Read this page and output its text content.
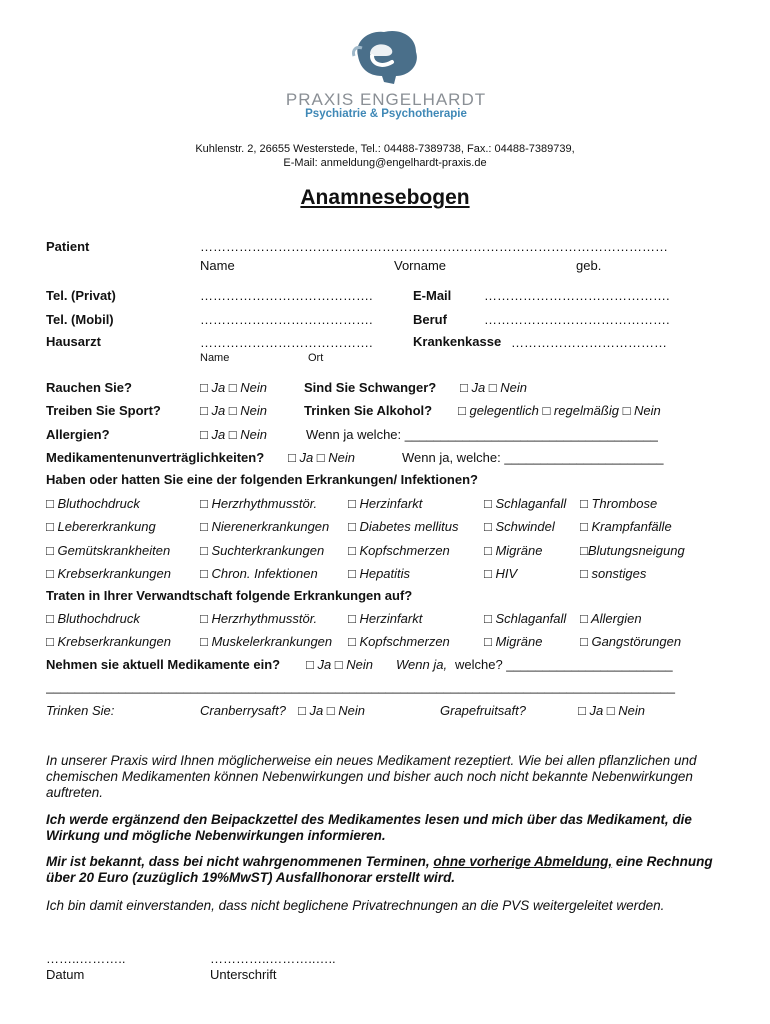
PRAXIS ENGELHARDT
Psychiatrie & Psychotherapie
Kuhlenstr. 2, 26655 Westerstede, Tel.: 04488-7389738, Fax.: 04488-7389739,
E-Mail: anmeldung@engelhardt-praxis.de
Anamnesebogen
Patient	………………………………………………………………………………………………
Name	Vorname	geb.
Tel. (Privat)	………………………………….	E-Mail	…………………………………….
Tel. (Mobil)	………………………………….	Beruf	…………………………………….
Hausarzt	………………………………….	Krankenkasse ………………………………
Name	Ort
Rauchen Sie?	□ Ja □ Nein	Sind Sie Schwanger? □ Ja □ Nein
Treiben Sie Sport?	□ Ja □ Nein	Trinken Sie Alkohol? □ gelegentlich □ regelmäßig □ Nein
Allergien?	□ Ja □ Nein	Wenn ja welche: ___________________________________
Medikamentenunverträglichkeiten? □ Ja □ Nein	Wenn ja, welche: ______________________
Haben oder hatten Sie eine der folgenden Erkrankungen/ Infektionen?
□ Bluthochdruck	□ Herzrhythmusstör. □ Herzinfarkt	□ Schlaganfall □ Thrombose
□ Lebererkrankung	□ Nierenerkrankungen □ Diabetes mellitus □ Schwindel □ Krampfanfälle
□ Gemütskrankheiten □ Suchterkrankungen □ Kopfschmerzen	□ Migräne	□Blutungsneigung
□ Krebserkrankungen □ Chron. Infektionen □ Hepatitis	□ HIV	□ sonstiges
Traten in Ihrer Verwandtschaft folgende Erkrankungen auf?
□ Bluthochdruck	□ Herzrhythmusstör. □ Herzinfarkt	□ Schlaganfall □ Allergien
□ Krebserkrankungen □ Muskelerkrankungen □ Kopfschmerzen	□ Migräne	□ Gangstörungen
Nehmen sie aktuell Medikamente ein? □ Ja □ Nein Wenn ja, welche? _______________________
_______________________________________________________________________________________
Trinken Sie:	Cranberrysaft? □ Ja □ Nein	Grapefruitsaft?	□ Ja □ Nein
In unserer Praxis wird Ihnen möglicherweise ein neues Medikament rezeptiert. Wie bei allen pflanzlichen und chemischen Medikamenten können Nebenwirkungen und bisher auch noch nicht bekannte Nebenwirkungen auftreten.
Ich werde ergänzend den Beipackzettel des Medikamentes lesen und mich über das Medikament, die Wirkung und mögliche Nebenwirkungen informieren.
Mir ist bekannt, dass bei nicht wahrgenommenen Terminen, ohne vorherige Abmeldung, eine Rechnung über 20 Euro (zuzüglich 19%MwST) Ausfallhonorar erstellt wird.
Ich bin damit einverstanden, dass nicht beglichene Privatrechnungen an die PVS weitergeleitet werden.
……..………..
Datum
…………..………..…..
Unterschrift
